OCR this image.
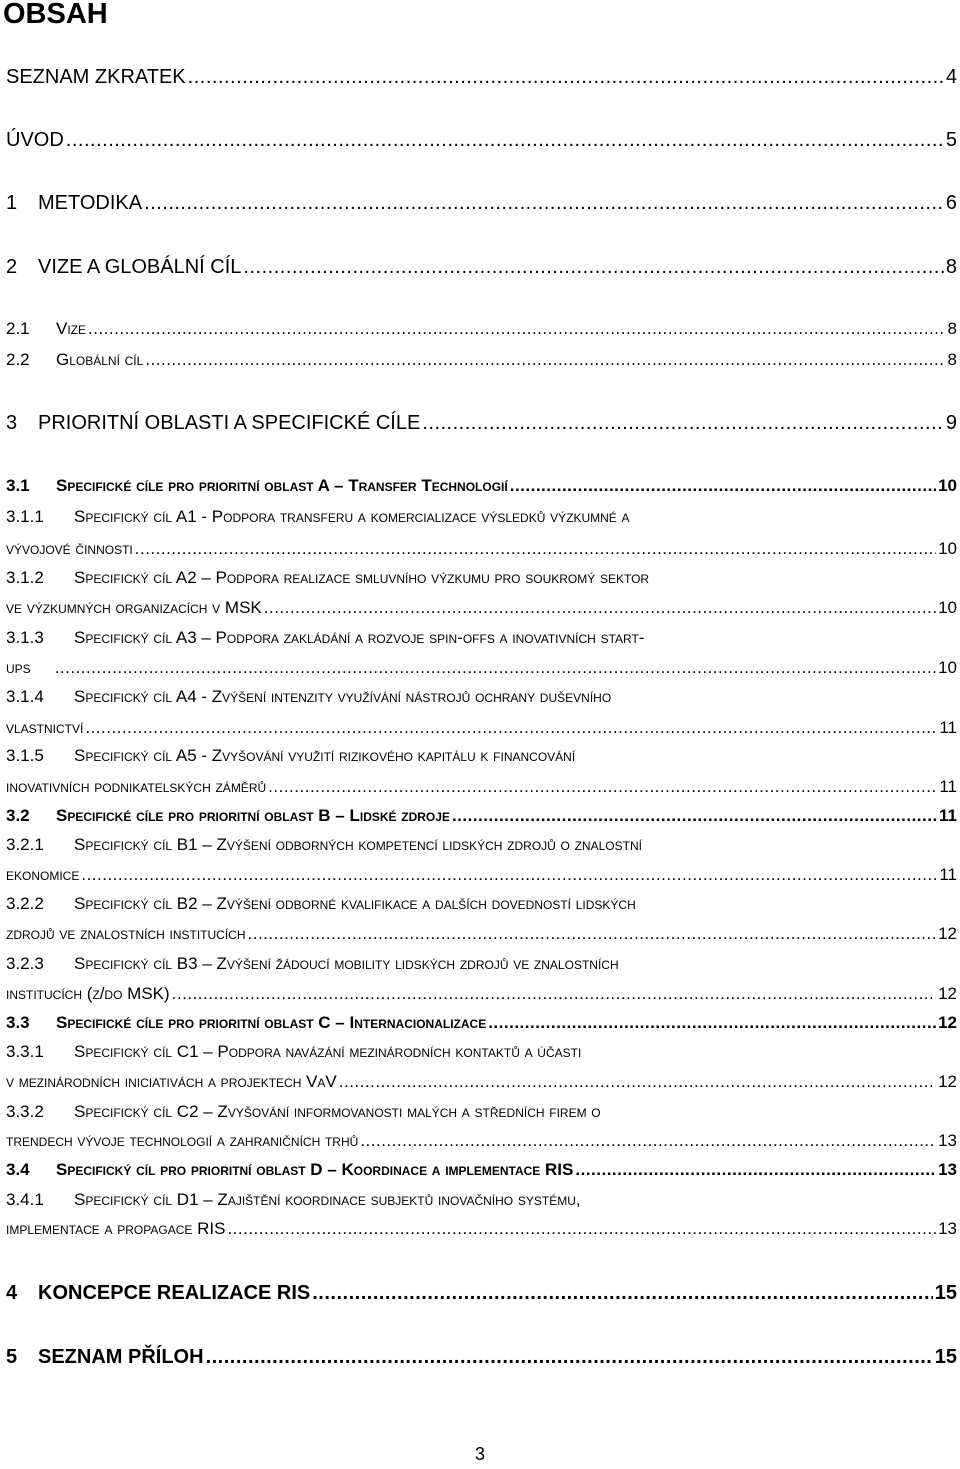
OBSAH
SEZNAM ZKRATEK .....	4
ÚVOD .....	5
1	METODIKA .....	6
2	VIZE A GLOBÁLNÍ CÍL .....	8
2.1	Vize .....	8
2.2	Globální cíl .....	8
3	PRIORITNÍ OBLASTI A SPECIFICKÉ CÍLE .....	9
3.1	Specifické cíle pro prioritní oblast A – Transfer Technologií .....	10
3.1.1 Specifický cíl A1 - Podpora transferu a komercializace výsledků výzkumné a
vývojové činnosti .....	10
3.1.2 Specifický cíl A2 – Podpora realizace smluvního výzkumu pro soukromý sektor
ve výzkumných organizacích v MSK .....	10
3.1.3 Specifický cíl A3 – Podpora zakládání a rozvoje spin-offs a inovativních start-
ups .....	10
3.1.4 Specifický cíl A4 - Zvýšení intenzity využívání nástrojů ochrany duševního
vlastnictví .....	11
3.1.5 Specifický cíl A5 - Zvyšování využití rizikového kapitálu k financování
inovativních podnikatelských záměrů .....	11
3.2	Specifické cíle pro prioritní oblast B – Lidské zdroje .....	11
3.2.1 Specifický cíl B1 – Zvýšení odborných kompetencí lidských zdrojů o znalostní
ekonomice .....	11
3.2.2 Specifický cíl B2 – Zvýšení odborné kvalifikace a dalších dovedností lidských
zdrojů ve znalostních institucích .....	12
3.2.3 Specifický cíl B3 – Zvýšení žádoucí mobility lidských zdrojů ve znalostních
institucích (z/do MSK) .....	12
3.3	Specifické cíle pro prioritní oblast C – Internacionalizace .....	12
3.3.1 Specifický cíl C1 – Podpora navázání mezinárodních kontaktů a účasti
v mezinárodních iniciativách a projektech VaV .....	12
3.3.2 Specifický cíl C2 – Zvyšování informovanosti malých a středních firem o
trendech vývoje technologií a zahraničních trhů .....	13
3.4	Specifický cíl pro prioritní oblast D – Koordinace a implementace RIS .....	13
3.4.1 Specifický cíl D1 – Zajištění koordinace subjektů inovačního systému,
implementace a propagace RIS .....	13
4	KONCEPCE REALIZACE RIS .....	15
5	SEZNAM PŘÍLOH .....	15
3
